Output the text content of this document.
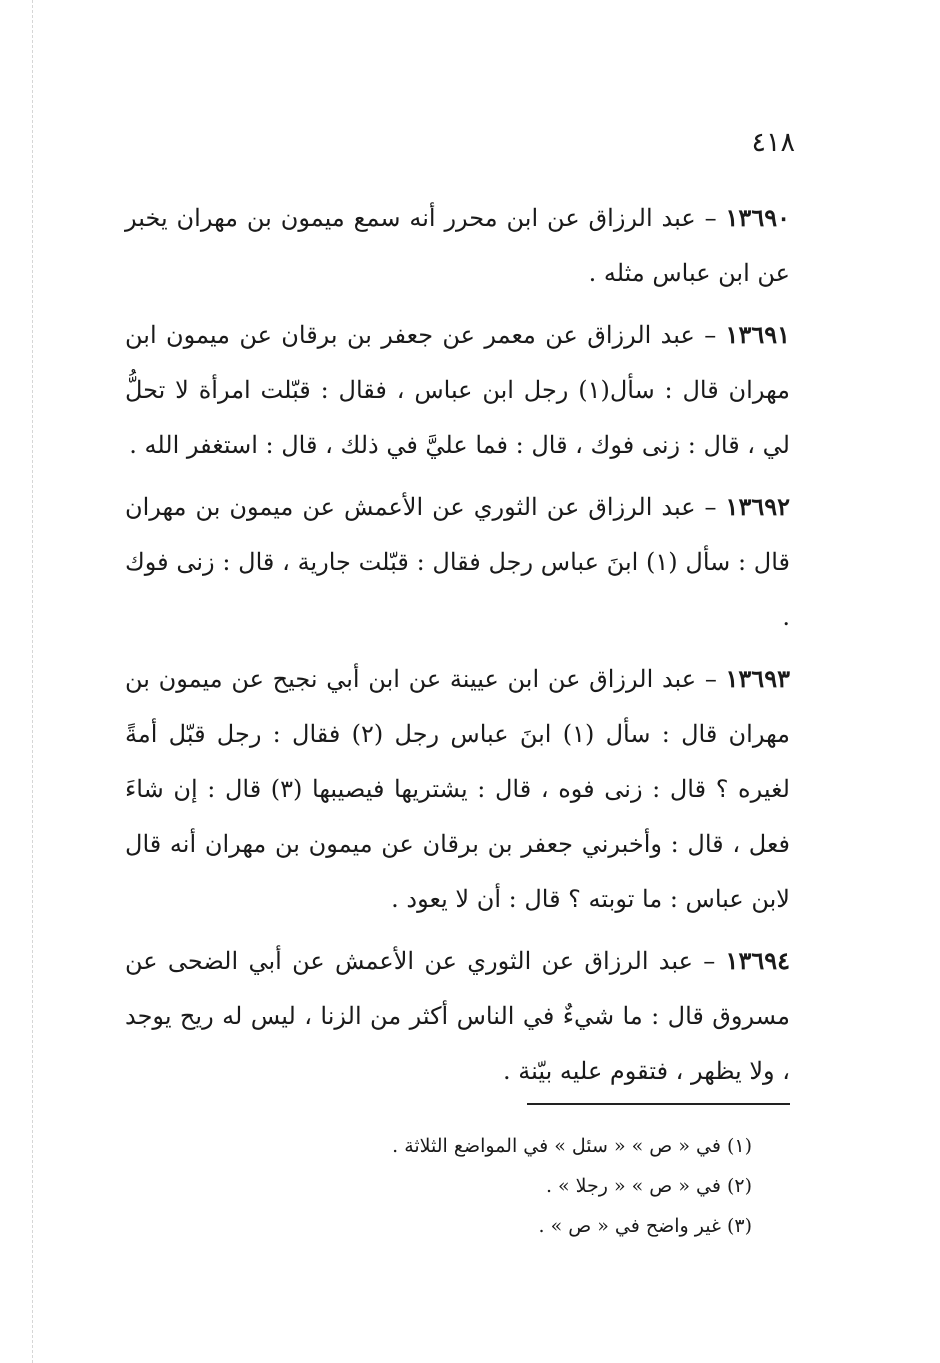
٤١٨

١٣٦٩٠ – عبد الرزاق عن ابن محرر أنه سمع ميمون بن مهران يخبر عن ابن عباس مثله .

١٣٦٩١ – عبد الرزاق عن معمر عن جعفر بن برقان عن ميمون ابن مهران قال : سأل(١) رجل ابن عباس ، فقال : قبّلت امرأة لا تحلُّ لي ، قال : زنى فوك ، قال : فما عليَّ في ذلك ، قال : استغفر الله .

١٣٦٩٢ – عبد الرزاق عن الثوري عن الأعمش عن ميمون بن مهران قال : سأل (١) ابنَ عباس رجل فقال : قبّلت جارية ، قال : زنى فوك .

١٣٦٩٣ – عبد الرزاق عن ابن عيينة عن ابن أبي نجيح عن ميمون بن مهران قال : سأل (١) ابنَ عباس رجل (٢) فقال : رجل قبّل أمةً لغيره ؟ قال : زنى فوه ، قال : يشتريها فيصيبها (٣) قال : إن شاءَ فعل ، قال : وأخبرني جعفر بن برقان عن ميمون بن مهران أنه قال لابن عباس : ما توبته ؟ قال : أن لا يعود .

١٣٦٩٤ – عبد الرزاق عن الثوري عن الأعمش عن أبي الضحى عن مسروق قال : ما شيءٌ في الناس أكثر من الزنا ، ليس له ريح يوجد ، ولا يظهر ، فتقوم عليه بيّنة .

(١) في « ص » « سئل » في المواضع الثلاثة .

(٢) في « ص » « رجلا » .

(٣) غير واضح في « ص » .
